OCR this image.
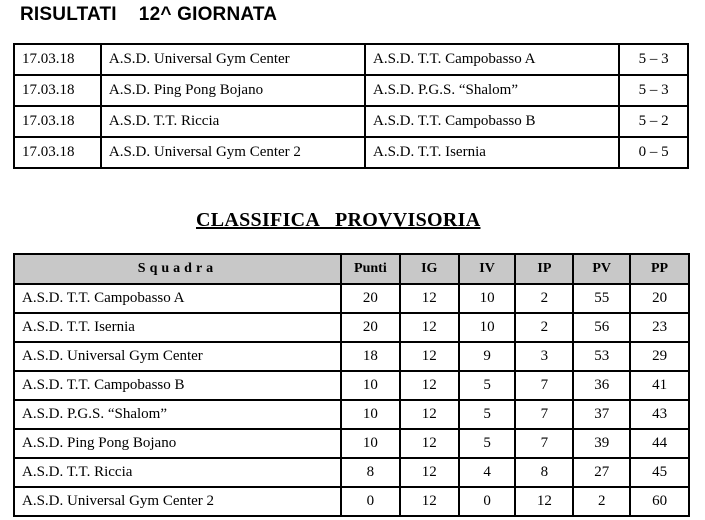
RISULTATI 12^ GIORNATA
17.03.18	A.S.D. Universal Gym Center	A.S.D. T.T. Campobasso A	5 – 3
17.03.18	A.S.D. Ping Pong Bojano	A.S.D. P.G.S. “Shalom”	5 – 3
17.03.18	A.S.D. T.T. Riccia	A.S.D. T.T. Campobasso B	5 – 2
17.03.18	A.S.D. Universal Gym Center 2	A.S.D. T.T. Isernia	0 – 5
CLASSIFICA   PROVVISORIA
Squadra	Punti	IG	IV	IP	PV	PP
A.S.D. T.T. Campobasso A	20	12	10	2	55	20
A.S.D. T.T. Isernia	20	12	10	2	56	23
A.S.D. Universal Gym Center	18	12	9	3	53	29
A.S.D. T.T. Campobasso B	10	12	5	7	36	41
A.S.D. P.G.S. “Shalom”	10	12	5	7	37	43
A.S.D. Ping Pong Bojano	10	12	5	7	39	44
A.S.D. T.T. Riccia	8	12	4	8	27	45
A.S.D. Universal Gym Center 2	0	12	0	12	2	60
